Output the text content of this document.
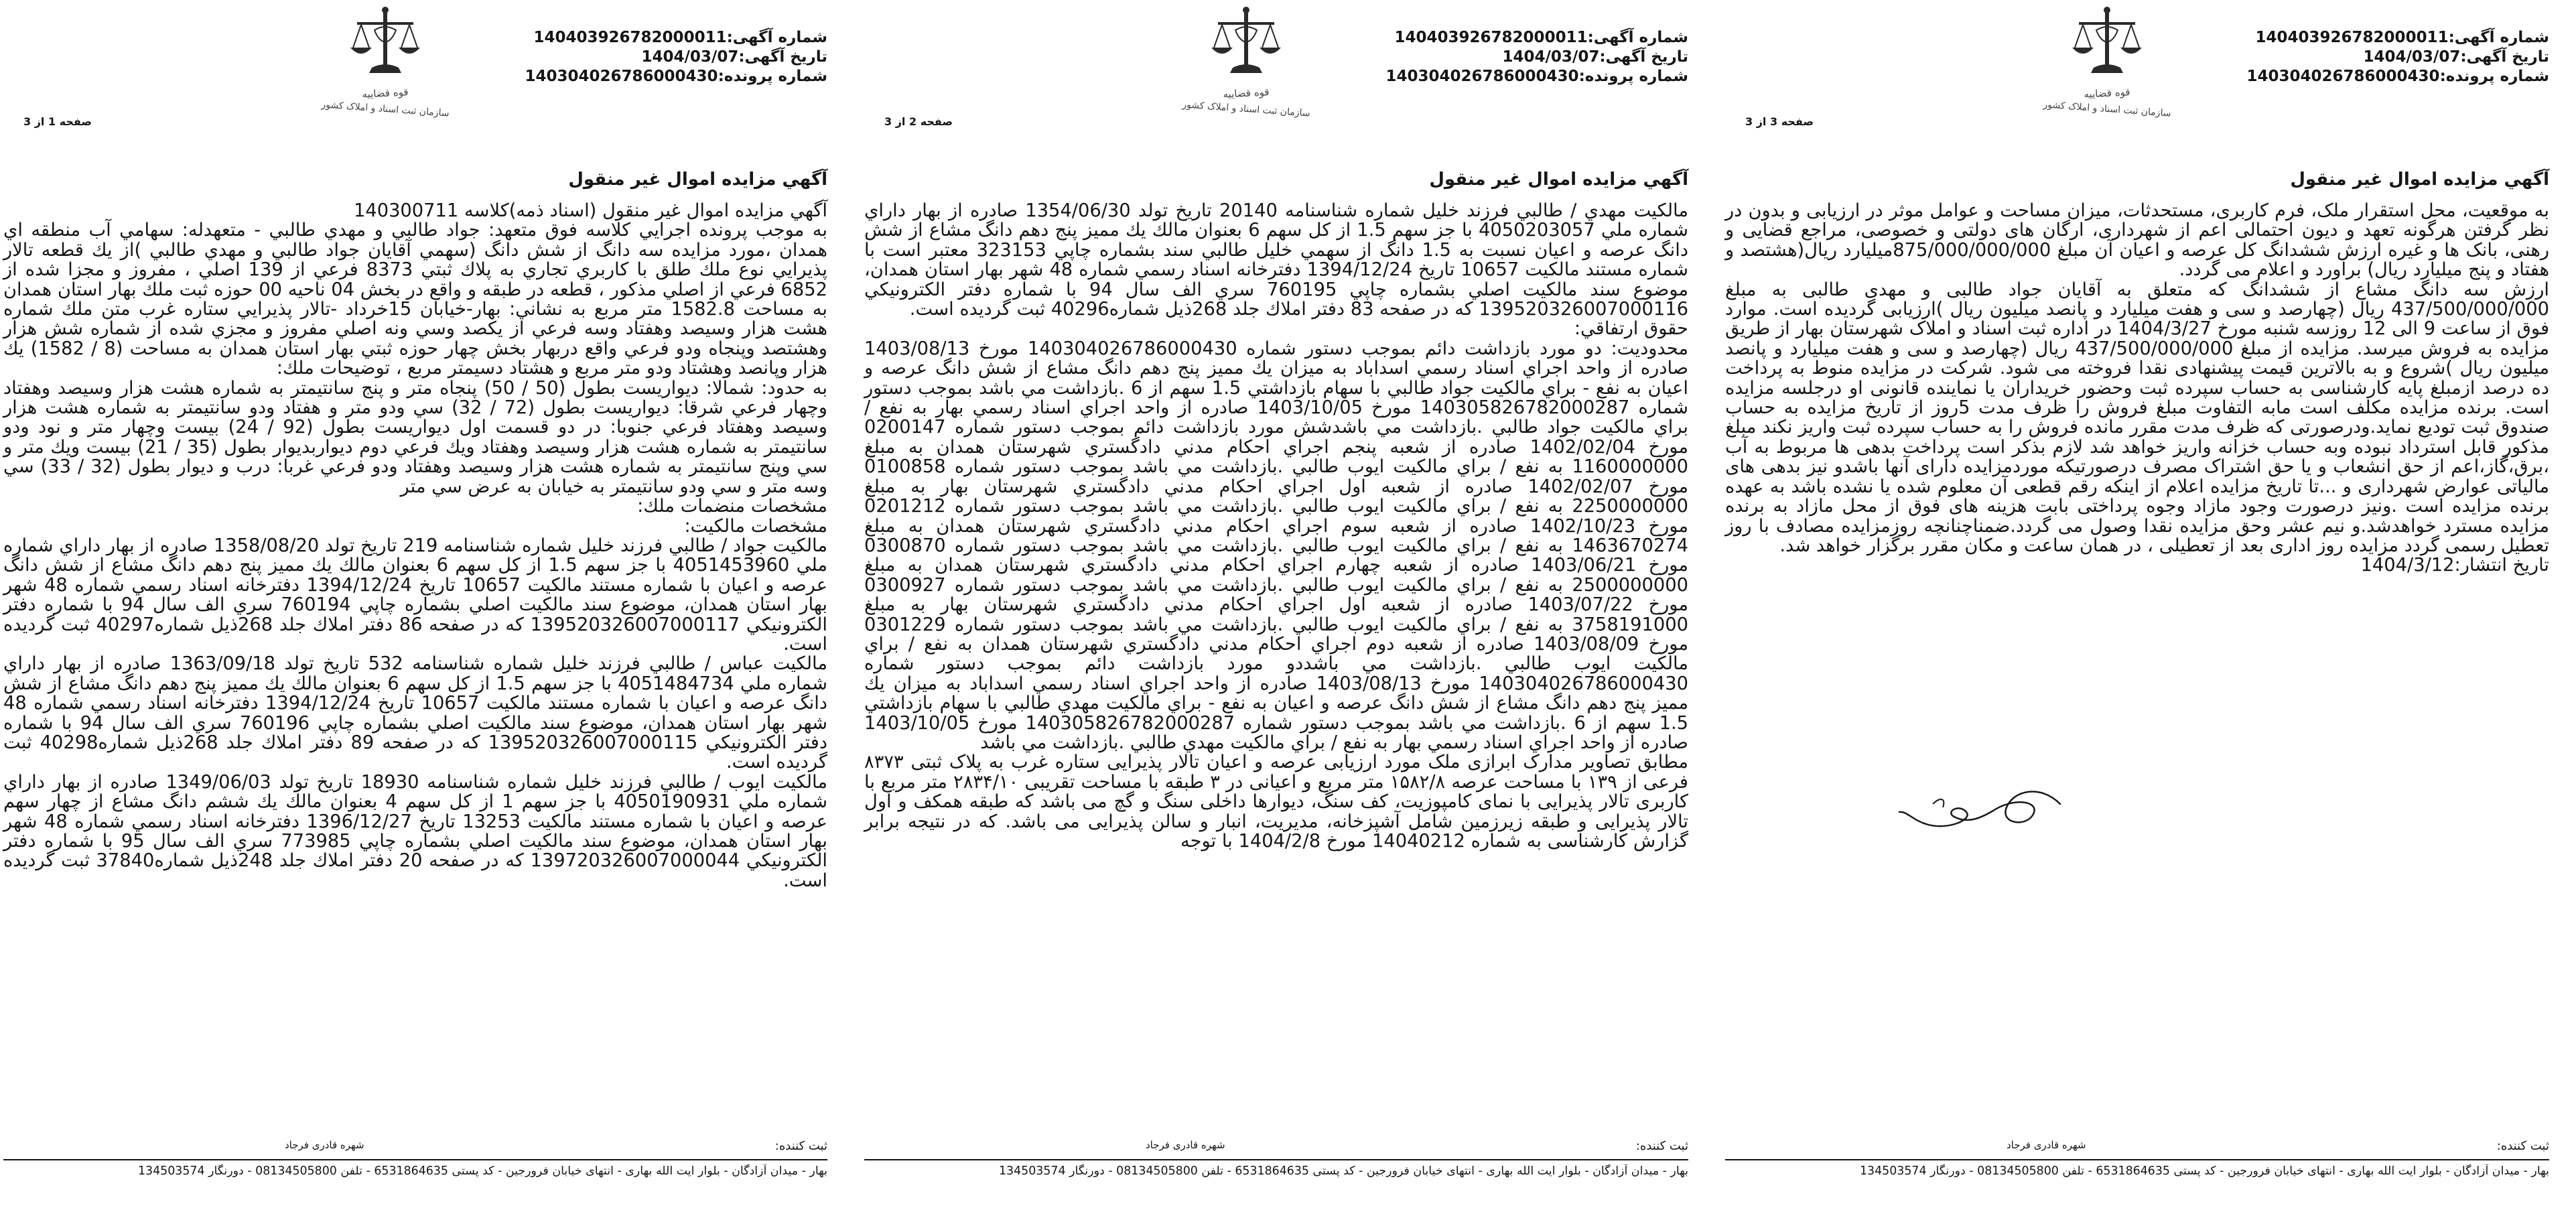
شماره آگهی:140403926782000011
تاریخ آگهی:1404/03/07
شماره پرونده:140304026786000430
قوه قضاییه
سازمان ثبت اسناد و املاک کشور
صفحه 3 از 3
آگهي مزايده اموال غير منقول

به موقعیت، محل استقرار ملک، فرم کاربری، مستحدثات، میزان مساحت و عوامل موثر در ارزیابی و بدون در نظر گرفتن هرگونه تعهد و دیون احتمالی اعم از شهرداری، ارگان های دولتی و خصوصی، مراجع قضایی و رهنی، بانک ها و غیره ارزش ششدانگ کل عرصه و اعیان آن مبلغ 875/000/000/000میلیارد ریال(هشتصد و هفتاد و پنج میلیارد ریال) براورد و اعلام می گردد.

ارزش سه دانگ مشاع از ششدانگ که متعلق به آقایان جواد طالبی و مهدی طالبی به مبلغ 437/500/000/000 ریال (چهارصد و سی و هفت میلیارد و پانصد میلیون ریال )ارزیابی گردیده است. موارد فوق از ساعت 9 الی 12 روزسه شنبه مورخ 1404/3/27 در اداره ثبت اسناد و املاک شهرستان بهار از طریق مزایده به فروش میرسد. مزایده از مبلغ 437/500/000/000 ریال (چهارصد و سی و هفت میلیارد و پانصد میلیون ریال )شروع و به بالاترین قیمت پیشنهادی نقدا فروخته می شود. شرکت در مزایده منوط به پرداخت ده درصد ازمبلغ پایه کارشناسی به حساب سپرده ثبت وحضور خریداران یا نماینده قانونی او درجلسه مزایده است. برنده مزایده مکلف است مابه التفاوت مبلغ فروش را ظرف مدت 5روز از تاریخ مزایده به حساب صندوق ثبت توديع نمايد.ودرصورتی که ظرف مدت مقرر مانده فروش را به حساب سپرده ثبت واریز نکند مبلغ مذکور قابل استرداد نبوده وبه حساب خزانه واریز خواهد شد لازم بذکر است پرداخت بدهی ها مربوط به آب ،برق،گاز،اعم از حق انشعاب و یا حق اشتراک مصرف درصورتیکه موردمزایده دارای آنها باشدو نیز بدهی های مالیاتی عوارض شهرداری و ...تا تاریخ مزایده اعلام از اینکه رقم قطعی آن معلوم شده یا نشده باشد به عهده برنده مزایده است .ونیز درصورت وجود مازاد وجوه پرداختی بابت هزینه های فوق از محل مازاد به برنده مزایده مسترد خواهدشد.و نیم عشر وحق مزایده نقدا وصول می گردد.ضمناچنانچه روزمزایده مصادف با روز تعطیل رسمی گردد مزایده روز اداری بعد از تعطیلی ، در همان ساعت و مکان مقرر برگزار خواهد شد.

تاريخ انتشار:1404/3/12

ثبت كننده:
شهره قادری فرجاد
بهار - میدان آزادگان - بلوار ایت الله بهاری - انتهای خیابان فرورجین - کد پستی 6531864635 - تلفن 08134505800 - دورنگار 134503574
شماره آگهی:140403926782000011
تاریخ آگهی:1404/03/07
شماره پرونده:140304026786000430
قوه قضاییه
سازمان ثبت اسناد و املاک کشور
صفحه 2 از 3
آگهي مزايده اموال غير منقول

مالكيت مهدي / طالبي فرزند خليل شماره شناسنامه 20140 تاريخ تولد 1354/06/30 صادره از بهار داراي شماره ملي 4050203057 با جز سهم 1.5 از كل سهم 6 بعنوان مالك يك ممیز پنج دهم دانگ مشاع از شش دانگ عرصه و اعيان نسبت به 1.5 دانگ از سهمي خليل طالبي سند بشماره چاپي 323153 معتبر است با شماره مستند مالكيت 10657 تاريخ 1394/12/24 دفترخانه اسناد رسمي شماره 48 شهر بهار استان همدان، موضوع سند مالكيت اصلي بشماره چاپي 760195 سري الف سال 94 با شماره دفتر الكترونيكي 139520326007000116 كه در صفحه 83 دفتر املاك جلد 268ذيل شماره40296 ثبت گرديده است.

حقوق ارتفاقي:

محدوديت: دو مورد بازداشت دائم بموجب دستور شماره 140304026786000430 مورخ 1403/08/13 صادره از واحد اجراي اسناد رسمي اسداباد به ميزان يك ممیز پنج دهم دانگ مشاع از شش دانگ عرصه و اعيان به نفع - براي مالكيت جواد طالبي با سهام بازداشتي 1.5 سهم از 6 .بازداشت مي باشد بموجب دستور شماره 140305826782000287 مورخ 1403/10/05 صادره از واحد اجراي اسناد رسمي بهار به نفع / براي مالكيت جواد طالبي .بازداشت مي باشدشش مورد بازداشت دائم بموجب دستور شماره 0200147 مورخ 1402/02/04 صادره از شعبه پنجم اجراي احكام مدني دادگستري شهرستان همدان به مبلغ 1160000000 به نفع / براي مالكيت ايوب طالبي .بازداشت مي باشد بموجب دستور شماره 0100858 مورخ 1402/02/07 صادره از شعبه اول اجراي احكام مدني دادگستري شهرستان بهار به مبلغ 2250000000 به نفع / براي مالكيت ايوب طالبي .بازداشت مي باشد بموجب دستور شماره 0201212 مورخ 1402/10/23 صادره از شعبه سوم اجراي احكام مدني دادگستري شهرستان همدان به مبلغ 1463670274 به نفع / براي مالكيت ايوب طالبي .بازداشت مي باشد بموجب دستور شماره 0300870 مورخ 1403/06/21 صادره از شعبه چهارم اجراي احكام مدني دادگستري شهرستان همدان به مبلغ 2500000000 به نفع / براي مالكيت ايوب طالبي .بازداشت مي باشد بموجب دستور شماره 0300927 مورخ 1403/07/22 صادره از شعبه اول اجراي احكام مدني دادگستري شهرستان بهار به مبلغ 3758191000 به نفع / براي مالكيت ايوب طالبي .بازداشت مي باشد بموجب دستور شماره 0301229 مورخ 1403/08/09 صادره از شعبه دوم اجراي احكام مدني دادگستري شهرستان همدان به نفع / براي مالكيت ايوب طالبي .بازداشت مي باشددو مورد بازداشت دائم بموجب دستور شماره 140304026786000430 مورخ 1403/08/13 صادره از واحد اجراي اسناد رسمي اسداباد به ميزان يك ممیز پنج دهم دانگ مشاع از شش دانگ عرصه و اعيان به نفع - براي مالكيت مهدي طالبي با سهام بازداشتي 1.5 سهم از 6 .بازداشت مي باشد بموجب دستور شماره 140305826782000287 مورخ 1403/10/05 صادره از واحد اجراي اسناد رسمي بهار به نفع / براي مالكيت مهدي طالبي .بازداشت مي باشد

مطابق تصاویر مدارک ابرازی ملک مورد ارزیابی عرصه و اعیان تالار پذیرایی ستاره غرب به پلاک ثبتی ۸۳۷۳ فرعی از ۱۳۹ با مساحت عرصه ۱۵۸۲/۸ متر مربع و اعیانی در ۳ طبقه با مساحت تقریبی ۲۸۳۴/۱۰ متر مربع با کاربری تالار پذیرایی با نمای کامپوزیت، کف سنگ، دیوارها داخلی سنگ و گچ می باشد که طبقه همکف و اول تالار پذیرایی و طبقه زیرزمین شامل آشپزخانه، مدیریت، انبار و سالن پذیرایی می باشد. که در نتیجه برابر گزارش کارشناسی به شماره 14040212 مورخ 1404/2/8 با توجه

ثبت كننده:
شهره قادری فرجاد
بهار - میدان آزادگان - بلوار ایت الله بهاری - انتهای خیابان فرورجین - کد پستی 6531864635 - تلفن 08134505800 - دورنگار 134503574
شماره آگهی:140403926782000011
تاریخ آگهی:1404/03/07
شماره پرونده:140304026786000430
قوه قضاییه
سازمان ثبت اسناد و املاک کشور
صفحه 1 از 3
آگهي مزايده اموال غير منقول

آگهي مزايده اموال غير منقول (اسناد ذمه)كلاسه 140300711

به موجب پرونده اجرايي كلاسه فوق متعهد: جواد طالبي و مهدي طالبي - متعهدله: سهامي آب منطقه اي همدان ،مورد مزايده سه دانگ از شش دانگ (سهمي آقايان جواد طالبي و مهدي طالبي )از يك قطعه تالار پذيرايي نوع ملك طلق با كاربري تجاري به پلاك ثبتي 8373 فرعي از 139 اصلي ، مفروز و مجزا شده از 6852 فرعي از اصلي مذكور ، قطعه در طبقه و واقع در بخش 04 ناحيه 00 حوزه ثبت ملك بهار استان همدان به مساحت 1582.8 متر مربع به نشاني: بهار-خيابان 15خرداد -تالار پذيرايي ستاره غرب متن ملك شماره هشت هزار وسيصد وهفتاد وسه فرعي از يكصد وسي ونه اصلي مفروز و مجزي شده از شماره شش هزار وهشتصد وپنجاه ودو فرعي واقع دربهار بخش چهار حوزه ثبتي بهار استان همدان به مساحت (8 / 1582) يك هزار وپانصد وهشتاد ودو متر مربع و هشتاد دسيمتر مربع ، توضيحات ملك:

به حدود: شمالا: ديواريست بطول (50 / 50) پنجاه متر و پنج سانتيمتر به شماره هشت هزار وسيصد وهفتاد وچهار فرعي شرقا: ديواريست بطول (72 / 32) سي ودو متر و هفتاد ودو سانتيمتر به شماره هشت هزار وسيصد وهفتاد فرعي جنوبا: در دو قسمت اول ديواريست بطول (92 / 24) بيست وچهار متر و نود ودو سانتيمتر به شماره هشت هزار وسيصد وهفتاد ويك فرعي دوم ديواربديوار بطول (35 / 21) بيست ويك متر و سي وپنج سانتيمتر به شماره هشت هزار وسيصد وهفتاد ودو فرعي غربا: درب و ديوار بطول (32 / 33) سي وسه متر و سي ودو سانتيمتر به خيابان به عرض سي متر

مشخصات منضمات ملك:

مشخصات مالكيت:

مالكيت جواد / طالبي فرزند خليل شماره شناسنامه 219 تاريخ تولد 1358/08/20 صادره از بهار داراي شماره ملي 4051453960 با جز سهم 1.5 از كل سهم 6 بعنوان مالك يك ممیز پنج دهم دانگ مشاع از شش دانگ عرصه و اعيان با شماره مستند مالكيت 10657 تاريخ 1394/12/24 دفترخانه اسناد رسمي شماره 48 شهر بهار استان همدان، موضوع سند مالكيت اصلي بشماره چاپي 760194 سري الف سال 94 با شماره دفتر الكترونيكي 139520326007000117 كه در صفحه 86 دفتر املاك جلد 268ذيل شماره40297 ثبت گرديده است.

مالكيت عباس / طالبي فرزند خليل شماره شناسنامه 532 تاريخ تولد 1363/09/18 صادره از بهار داراي شماره ملي 4051484734 با جز سهم 1.5 از كل سهم 6 بعنوان مالك يك ممیز پنج دهم دانگ مشاع از شش دانگ عرصه و اعيان با شماره مستند مالكيت 10657 تاريخ 1394/12/24 دفترخانه اسناد رسمي شماره 48 شهر بهار استان همدان، موضوع سند مالكيت اصلي بشماره چاپي 760196 سري الف سال 94 با شماره دفتر الكترونيكي 139520326007000115 كه در صفحه 89 دفتر املاك جلد 268ذيل شماره40298 ثبت گرديده است.

مالكيت ايوب / طالبي فرزند خليل شماره شناسنامه 18930 تاريخ تولد 1349/06/03 صادره از بهار داراي شماره ملي 4050190931 با جز سهم 1 از كل سهم 4 بعنوان مالك يك ششم دانگ مشاع از چهار سهم عرصه و اعيان با شماره مستند مالكيت 13253 تاريخ 1396/12/27 دفترخانه اسناد رسمي شماره 48 شهر بهار استان همدان، موضوع سند مالكيت اصلي بشماره چاپي 773985 سري الف سال 95 با شماره دفتر الكترونيكي 139720326007000044 كه در صفحه 20 دفتر املاك جلد 248ذيل شماره37840 ثبت گرديده است.

ثبت كننده:
شهره قادری فرجاد
بهار - میدان آزادگان - بلوار ایت الله بهاری - انتهای خیابان فرورجین - کد پستی 6531864635 - تلفن 08134505800 - دورنگار 134503574
